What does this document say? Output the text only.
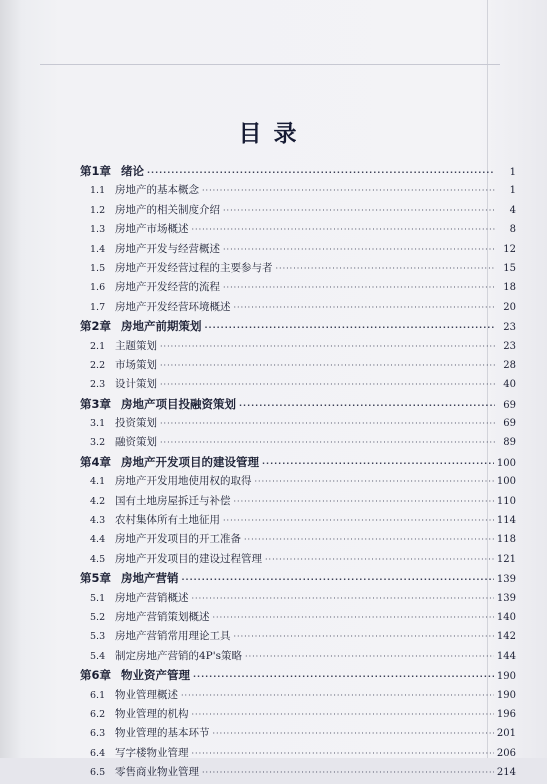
目录
第1章 绪论 ·····	1
1.1 房地产的基本概念 ·····	1
1.2 房地产的相关制度介绍 ·····	4
1.3 房地产市场概述 ·····	8
1.4 房地产开发与经营概述 ·····	12
1.5 房地产开发经营过程的主要参与者 ·····	15
1.6 房地产开发经营的流程 ·····	18
1.7 房地产开发经营环境概述 ·····	20
第2章 房地产前期策划 ·····	23
2.1 主题策划 ·····	23
2.2 市场策划 ·····	28
2.3 设计策划 ·····	40
第3章 房地产项目投融资策划 ·····	69
3.1 投资策划 ·····	69
3.2 融资策划 ·····	89
第4章 房地产开发项目的建设管理 ·····	100
4.1 房地产开发用地使用权的取得 ·····	100
4.2 国有土地房屋拆迁与补偿 ·····	110
4.3 农村集体所有土地征用 ·····	114
4.4 房地产开发项目的开工准备 ·····	118
4.5 房地产开发项目的建设过程管理 ·····	121
第5章 房地产营销 ·····	139
5.1 房地产营销概述 ·····	139
5.2 房地产营销策划概述 ·····	140
5.3 房地产营销常用理论工具 ·····	142
5.4 制定房地产营销的4P's策略 ·····	144
第6章 物业资产管理 ·····	190
6.1 物业管理概述 ·····	190
6.2 物业管理的机构 ·····	196
6.3 物业管理的基本环节 ·····	201
6.4 写字楼物业管理 ·····	206
6.5 零售商业物业管理 ·····	214
